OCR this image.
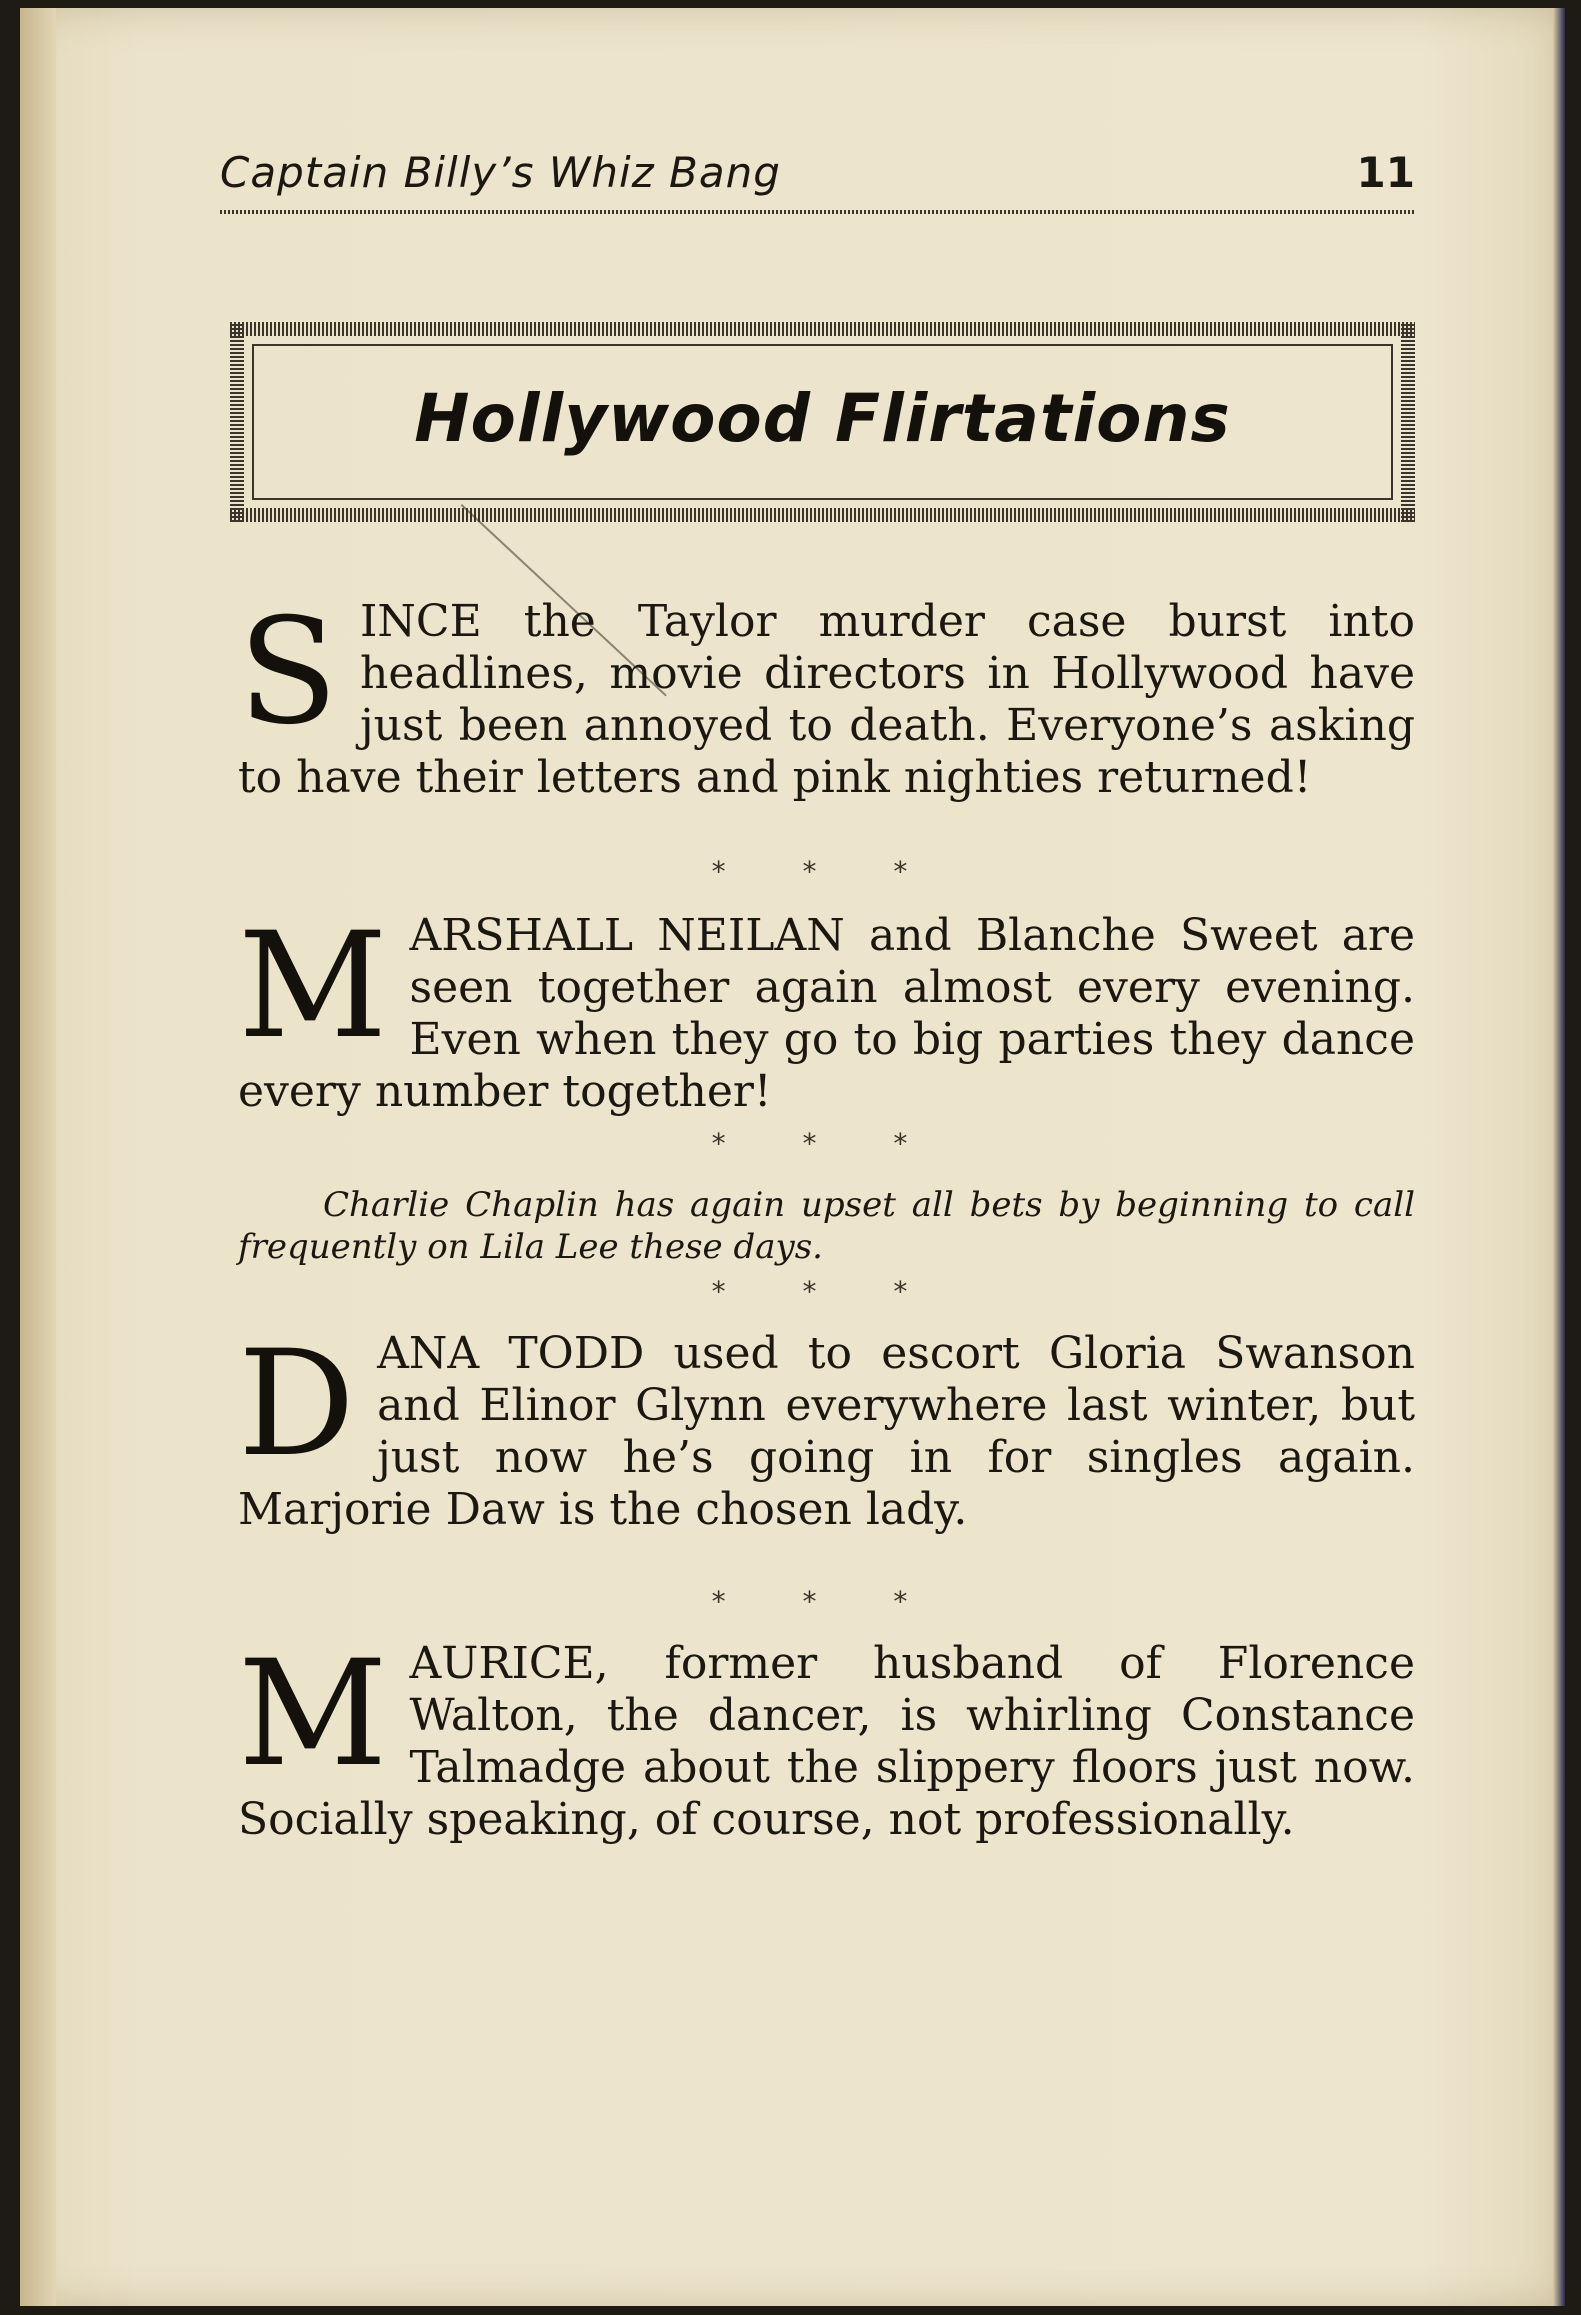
Captain Billy’s Whiz Bang	11
Hollywood Flirtations
S INCE the Taylor murder case burst into headlines, movie directors in Hollywood have just been annoyed to death. Everyone’s asking to have their letters and pink nighties returned!
* * *
M ARSHALL NEILAN and Blanche Sweet are seen together again almost every evening. Even when they go to big parties they dance every number together!
* * *
Charlie Chaplin has again upset all bets by beginning to call frequently on Lila Lee these days.
* * *
D ANA TODD used to escort Gloria Swanson and Elinor Glynn everywhere last winter, but just now he’s going in for singles again. Marjorie Daw is the chosen lady.
* * *
M AURICE, former husband of Florence Walton, the dancer, is whirling Constance Talmadge about the slippery floors just now. Socially speaking, of course, not professionally.
